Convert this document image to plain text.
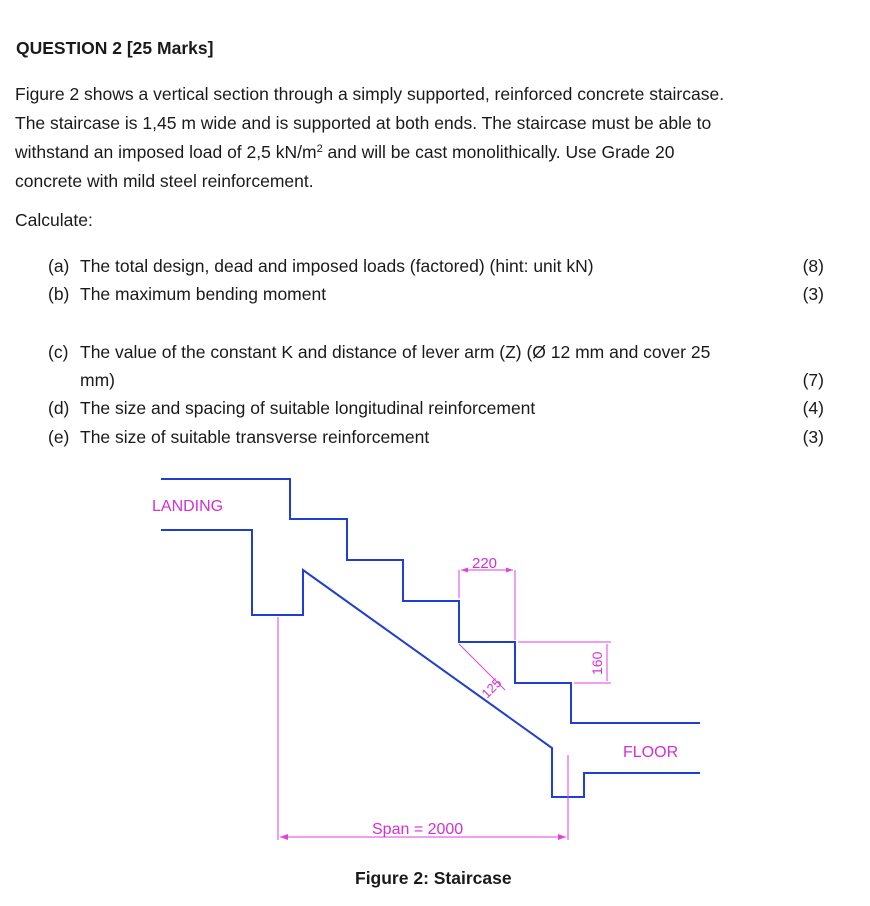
QUESTION 2 [25 Marks]
Figure 2 shows a vertical section through a simply supported, reinforced concrete staircase.
The staircase is 1,45 m wide and is supported at both ends. The staircase must be able to
withstand an imposed load of 2,5 $kN/m^2$ and will be cast monolithically. Use Grade 20
concrete with mild steel reinforcement.
Calculate:
(a) The total design, dead and imposed loads (factored) (hint: unit kN)	(8)
(b) The maximum bending moment	(3)
(c) The value of the constant K and distance of lever arm (Z) (Ø 12 mm and cover 25
mm)	(7)
(d) The size and spacing of suitable longitudinal reinforcement	(4)
(e) The size of suitable transverse reinforcement	(3)
LANDING
FLOOR
220
160
125
Span = 2000
Figure 2: Staircase
